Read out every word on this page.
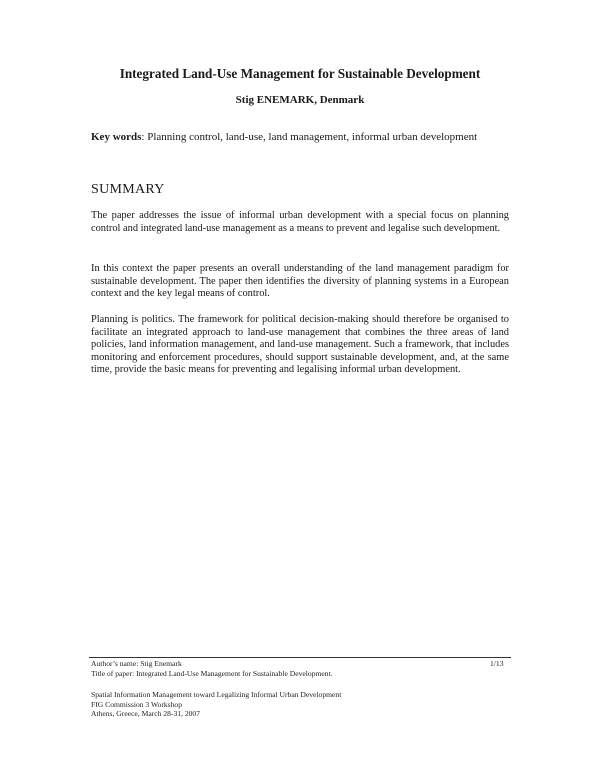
Integrated Land-Use Management for Sustainable Development
Stig ENEMARK, Denmark
Key words: Planning control, land-use, land management, informal urban development
SUMMARY

The paper addresses the issue of informal urban development with a special focus on planning control and integrated land-use management as a means to prevent and legalise such development.

In this context the paper presents an overall understanding of the land management paradigm for sustainable development. The paper then identifies the diversity of planning systems in a European context and the key legal means of control.

Planning is politics. The framework for political decision-making should therefore be organised to facilitate an integrated approach to land-use management that combines the three areas of land policies, land information management, and land-use management. Such a framework, that includes monitoring and enforcement procedures, should support sustainable development, and, at the same time, provide the basic means for preventing and legalising informal urban development.

Author’s name: Stig Enemark
Title of paper: Integrated Land-Use Management for Sustainable Development.
1/13
Spatial Information Management toward Legalizing Informal Urban Development
FIG Commission 3 Workshop
Athens, Greece, March 28-31, 2007
